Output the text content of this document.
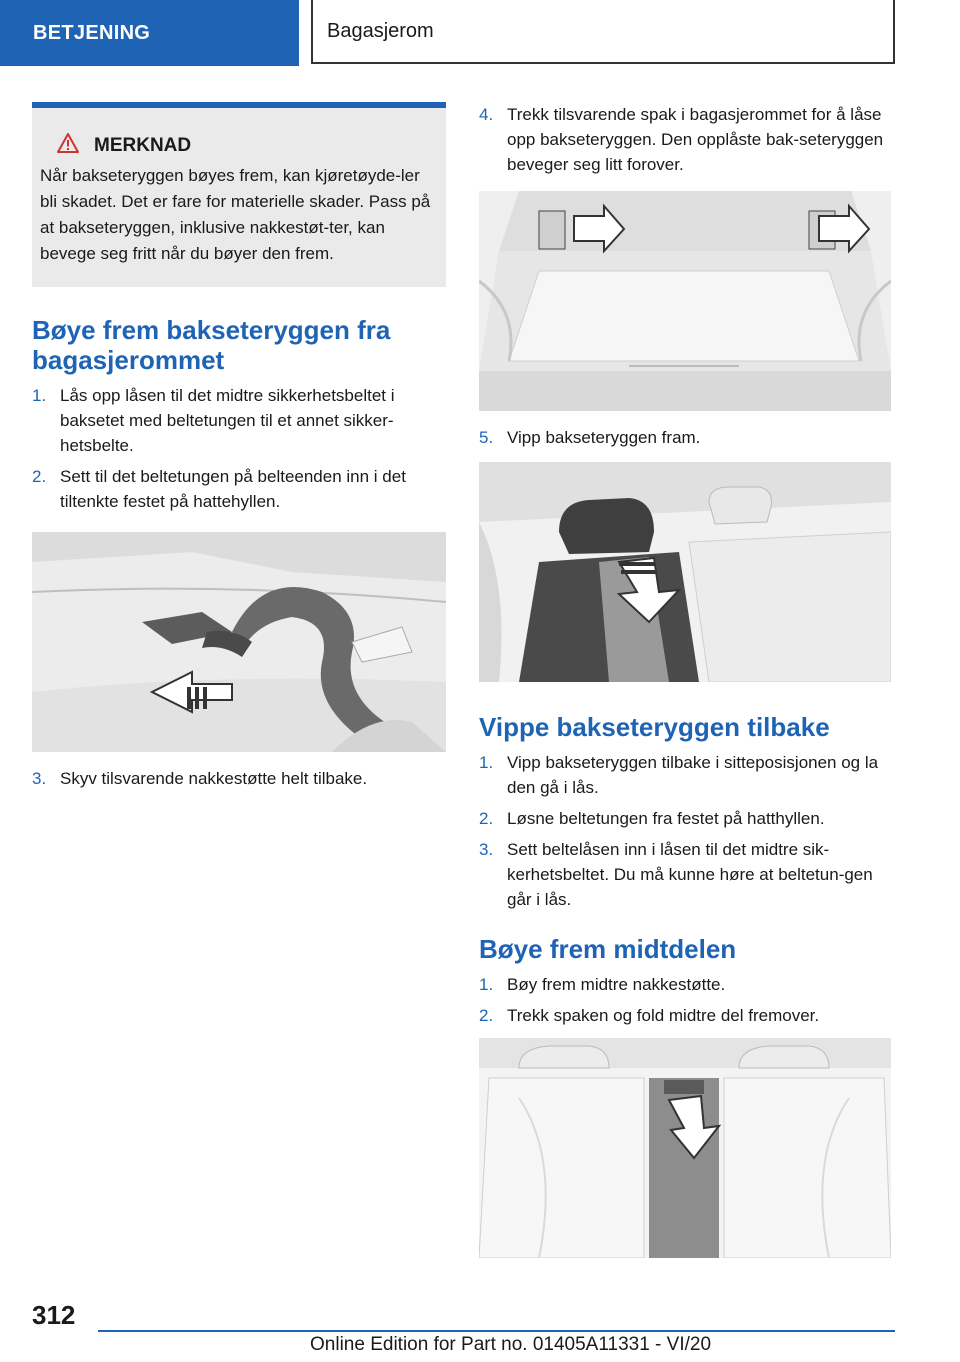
BETJENING	Bagasjerom
MERKNAD
Når bakseteryggen bøyes frem, kan kjøretøyde-ler bli skadet. Det er fare for materielle skader. Pass på at bakseteryggen, inklusive nakkestøt-ter, kan bevege seg fritt når du bøyer den frem.
Bøye frem bakseteryggen fra bagasjerommet
1. Lås opp låsen til det midtre sikkerhetsbeltet i baksetet med beltetungen til et annet sikker-hetsbelte.
2. Sett til det beltetungen på belteenden inn i det tiltenkte festet på hattehyllen.
3. Skyv tilsvarende nakkestøtte helt tilbake.
4. Trekk tilsvarende spak i bagasjerommet for å låse opp bakseteryggen. Den opplåste bak-seteryggen beveger seg litt forover.
5. Vipp bakseteryggen fram.
Vippe bakseteryggen tilbake
1. Vipp bakseteryggen tilbake i sitteposisjonen og la den gå i lås.
2. Løsne beltetungen fra festet på hatthyllen.
3. Sett beltelåsen inn i låsen til det midtre sik-kerhetsbeltet. Du må kunne høre at beltetun-gen går i lås.
Bøye frem midtdelen
1. Bøy frem midtre nakkestøtte.
2. Trekk spaken og fold midtre del fremover.
312
Online Edition for Part no. 01405A11331 - VI/20
